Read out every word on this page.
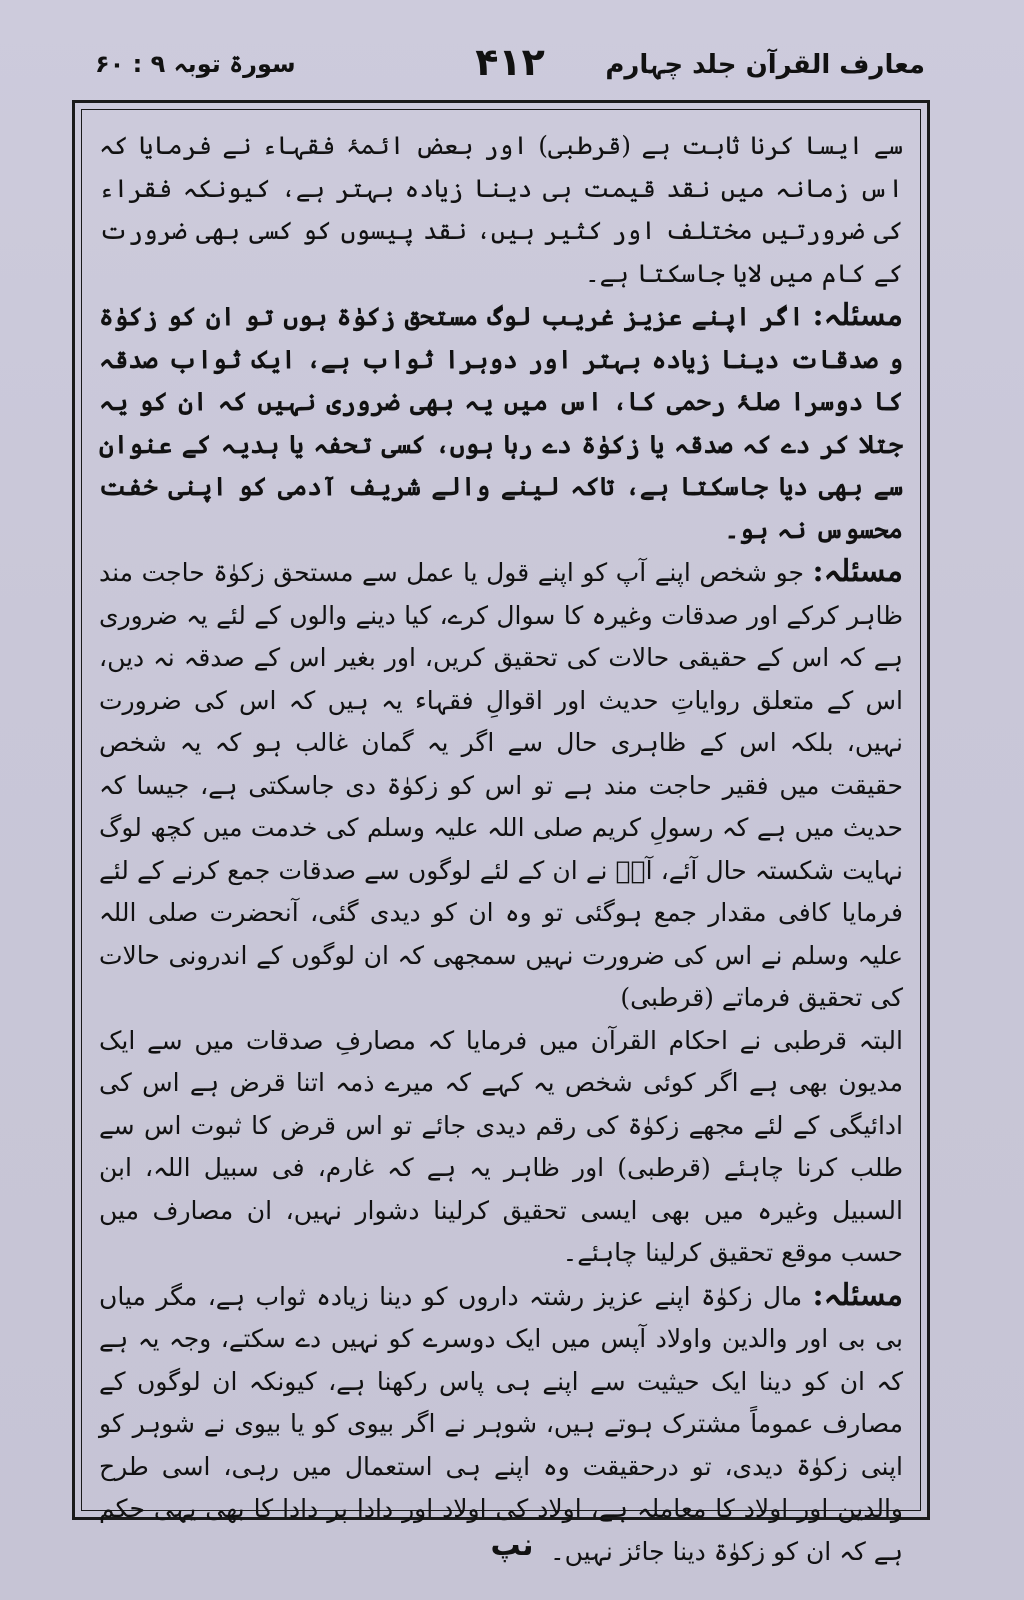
معارف القرآن جلد چہارم
۴۱۲
سورۃ توبہ ۹ : ۶۰

سے ایسا کرنا ثابت ہے (قرطبی) اور بعض ائمۂ فقہاء نے فرمایا کہ اس زمانہ میں نقد قیمت ہی دینا زیادہ بہتر ہے، کیونکہ فقراء کی ضرورتیں مختلف اور کثیر ہیں، نقد پیسوں کو کسی بھی ضرورت کے کام میں لایا جاسکتا ہے۔

مسئلہ: اگر اپنے عزیز غریب لوگ مستحق زکوٰۃ ہوں تو ان کو زکوٰۃ و صدقات دینا زیادہ بہتر اور دوہرا ثواب ہے، ایک ثواب صدقہ کا دوسرا صلۂ رحمی کا، اس میں یہ بھی ضروری نہیں کہ ان کو یہ جتلا کر دے کہ صدقہ یا زکوٰۃ دے رہا ہوں، کسی تحفہ یا ہدیہ کے عنوان سے بھی دیا جاسکتا ہے، تاکہ لینے والے شریف آدمی کو اپنی خفت محسوس نہ ہو۔

مسئلہ: جو شخص اپنے آپ کو اپنے قول یا عمل سے مستحق زکوٰۃ حاجت مند ظاہر کرکے اور صدقات وغیرہ کا سوال کرے، کیا دینے والوں کے لئے یہ ضروری ہے کہ اس کے حقیقی حالات کی تحقیق کریں، اور بغیر اس کے صدقہ نہ دیں، اس کے متعلق روایاتِ حدیث اور اقوالِ فقہاء یہ ہیں کہ اس کی ضرورت نہیں، بلکہ اس کے ظاہری حال سے اگر یہ گمان غالب ہو کہ یہ شخص حقیقت میں فقیر حاجت مند ہے تو اس کو زکوٰۃ دی جاسکتی ہے، جیسا کہ حدیث میں ہے کہ رسولِ کریم صلی اللہ علیہ وسلم کی خدمت میں کچھ لوگ نہایت شکستہ حال آئے، آپؐ نے ان کے لئے لوگوں سے صدقات جمع کرنے کے لئے فرمایا کافی مقدار جمع ہوگئی تو وہ ان کو دیدی گئی، آنحضرت صلی اللہ علیہ وسلم نے اس کی ضرورت نہیں سمجھی کہ ان لوگوں کے اندرونی حالات کی تحقیق فرماتے (قرطبی)

البتہ قرطبی نے احکام القرآن میں فرمایا کہ مصارفِ صدقات میں سے ایک مدیون بھی ہے اگر کوئی شخص یہ کہے کہ میرے ذمہ اتنا قرض ہے اس کی ادائیگی کے لئے مجھے زکوٰۃ کی رقم دیدی جائے تو اس قرض کا ثبوت اس سے طلب کرنا چاہئے (قرطبی) اور ظاہر یہ ہے کہ غارم، فی سبیل اللہ، ابن السبیل وغیرہ میں بھی ایسی تحقیق کرلینا دشوار نہیں، ان مصارف میں حسب موقع تحقیق کرلینا چاہئے۔

مسئلہ: مال زکوٰۃ اپنے عزیز رشتہ داروں کو دینا زیادہ ثواب ہے، مگر میاں بی بی اور والدین واولاد آپس میں ایک دوسرے کو نہیں دے سکتے، وجہ یہ ہے کہ ان کو دینا ایک حیثیت سے اپنے ہی پاس رکھنا ہے، کیونکہ ان لوگوں کے مصارف عموماً مشترک ہوتے ہیں، شوہر نے اگر بیوی کو یا بیوی نے شوہر کو اپنی زکوٰۃ دیدی، تو درحقیقت وہ اپنے ہی استعمال میں رہی، اسی طرح والدین اور اولاد کا معاملہ ہے، اولاد کی اولاد اور دادا پر دادا کا بھی یہی حکم ہے کہ ان کو زکوٰۃ دینا جائز نہیں۔

نپ
